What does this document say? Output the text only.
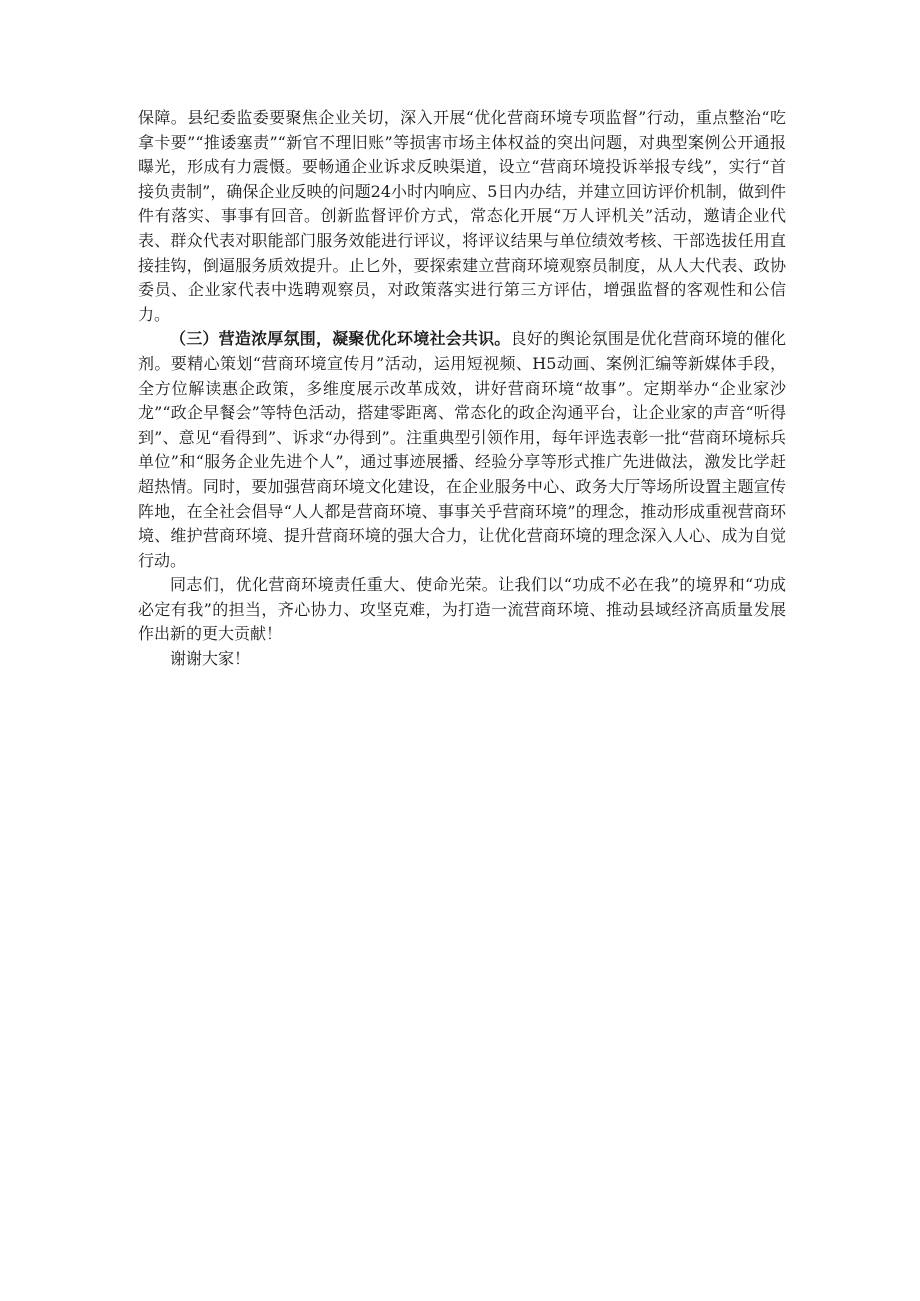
保障。县纪委监委要聚焦企业关切，深入开展“优化营商环境专项监督”行动，重点整治“吃拿卡要”“推诿塞责”“新官不理旧账”等损害市场主体权益的突出问题，对典型案例公开通报曝光，形成有力震慑。要畅通企业诉求反映渠道，设立“营商环境投诉举报专线”，实行“首接负责制”，确保企业反映的问题24小时内响应、5日内办结，并建立回访评价机制，做到件件有落实、事事有回音。创新监督评价方式，常态化开展“万人评机关”活动，邀请企业代表、群众代表对职能部门服务效能进行评议，将评议结果与单位绩效考核、干部选拔任用直接挂钩，倒逼服务质效提升。止匕外，要探索建立营商环境观察员制度，从人大代表、政协委员、企业家代表中选聘观察员，对政策落实进行第三方评估，增强监督的客观性和公信力。

（三）营造浓厚氛围，凝聚优化环境社会共识。良好的舆论氛围是优化营商环境的催化剂。要精心策划“营商环境宣传月”活动，运用短视频、H5动画、案例汇编等新媒体手段，全方位解读惠企政策，多维度展示改革成效，讲好营商环境“故事”。定期举办“企业家沙龙”“政企早餐会”等特色活动，搭建零距离、常态化的政企沟通平台，让企业家的声音“听得到”、意见“看得到”、诉求“办得到”。注重典型引领作用，每年评选表彰一批“营商环境标兵单位”和“服务企业先进个人”，通过事迹展播、经验分享等形式推广先进做法，激发比学赶超热情。同时，要加强营商环境文化建设，在企业服务中心、政务大厅等场所设置主题宣传阵地，在全社会倡导“人人都是营商环境、事事关乎营商环境”的理念，推动形成重视营商环境、维护营商环境、提升营商环境的强大合力，让优化营商环境的理念深入人心、成为自觉行动。

同志们，优化营商环境责任重大、使命光荣。让我们以“功成不必在我”的境界和“功成必定有我”的担当，齐心协力、攻坚克难，为打造一流营商环境、推动县域经济高质量发展作出新的更大贡献！

谢谢大家！
